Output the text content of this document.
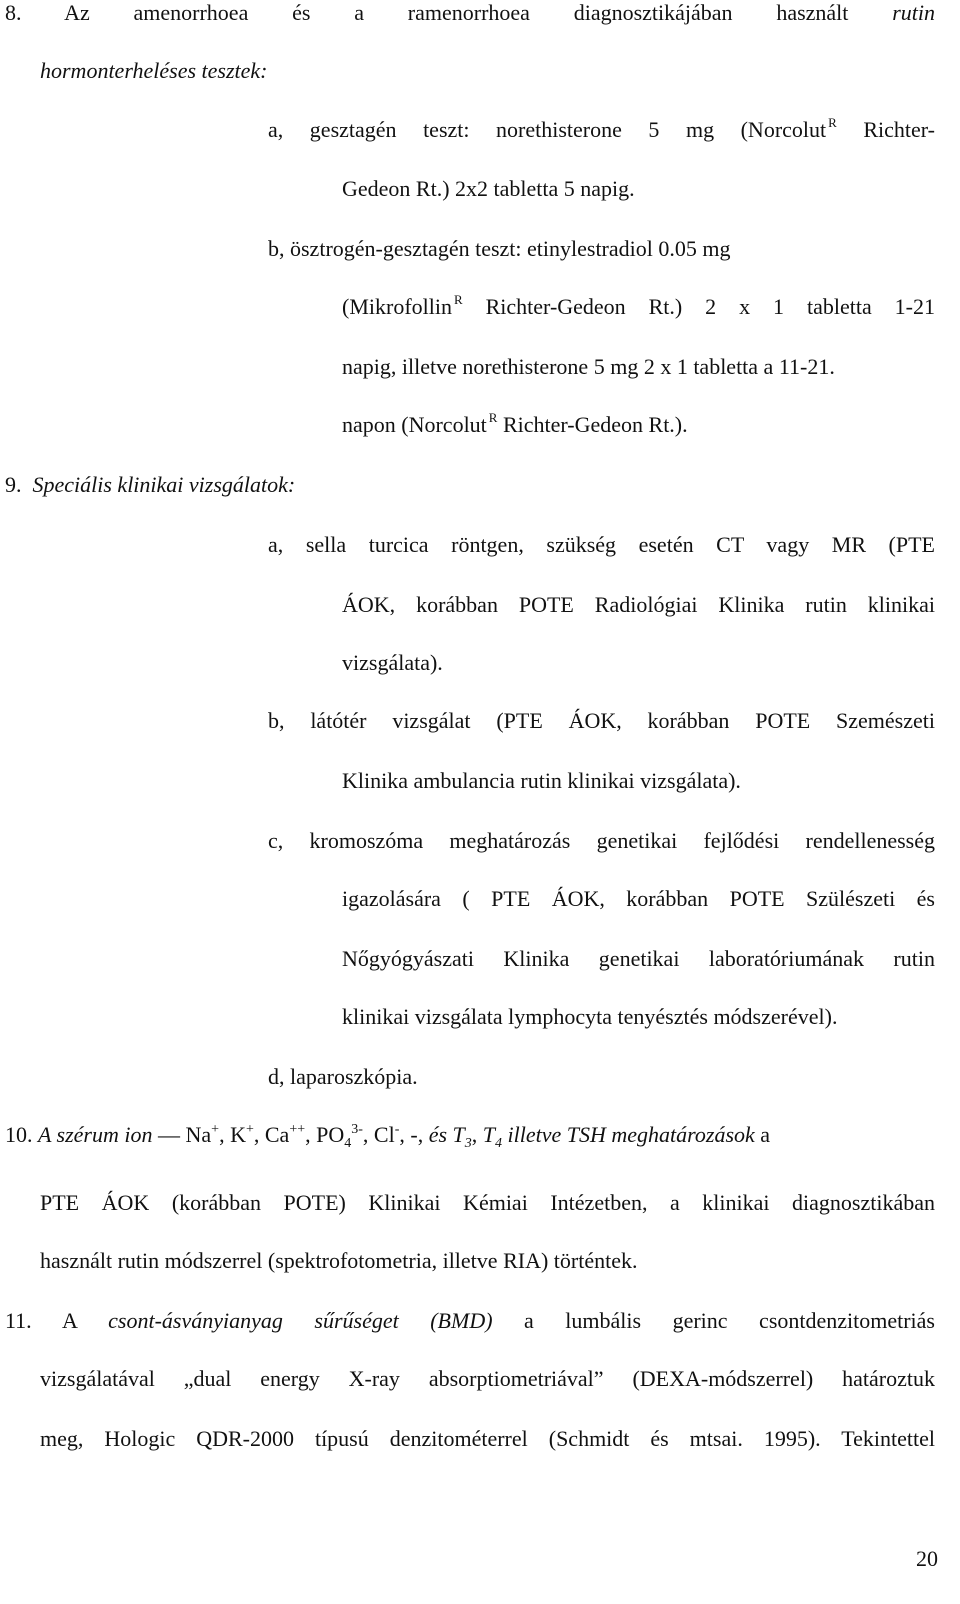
8. Az amenorrhoea és a ramenorrhoea diagnosztikájában használt rutin
hormonterheléses tesztek:
a, gesztagén teszt: norethisterone 5 mg (Norcolut $^R$ Richter-
Gedeon Rt.) 2x2 tabletta 5 napig.
b, ösztrogén-gesztagén teszt: etinylestradiol 0.05 mg
(Mikrofollin $^R$ Richter-Gedeon Rt.) 2 x 1 tabletta 1-21
napig, illetve norethisterone 5 mg 2 x 1 tabletta a 11-21.
napon (Norcolut $^R$ Richter-Gedeon Rt.).
9. Speciális klinikai vizsgálatok:
a, sella turcica röntgen, szükség esetén CT vagy MR (PTE
ÁOK, korábban POTE Radiológiai Klinika rutin klinikai
vizsgálata).
b, látótér vizsgálat (PTE ÁOK, korábban POTE Szemészeti
Klinika ambulancia rutin klinikai vizsgálata).
c, kromoszóma meghatározás genetikai fejlődési rendellenesség
igazolására ( PTE ÁOK, korábban POTE Szülészeti és
Nőgyógyászati Klinika genetikai laboratóriumának rutin
klinikai vizsgálata lymphocyta tenyésztés módszerével).
d, laparoszkópia.
10. A szérum ion — Na+, K+, Ca++, $PO_4^{3-}$, Cl-, -, és $T_3$, $T_4$ illetve TSH meghatározások a
PTE ÁOK (korábban POTE) Klinikai Kémiai Intézetben, a klinikai diagnosztikában
használt rutin módszerrel (spektrofotometria, illetve RIA) történtek.
11. A csont-ásványianyag sűrűséget (BMD) a lumbális gerinc csontdenzitometriás
vizsgálatával „dual energy X-ray absorptiometriával” (DEXA-módszerrel) határoztuk
meg, Hologic QDR-2000 típusú denzitométerrel (Schmidt és mtsai. 1995). Tekintettel
20
